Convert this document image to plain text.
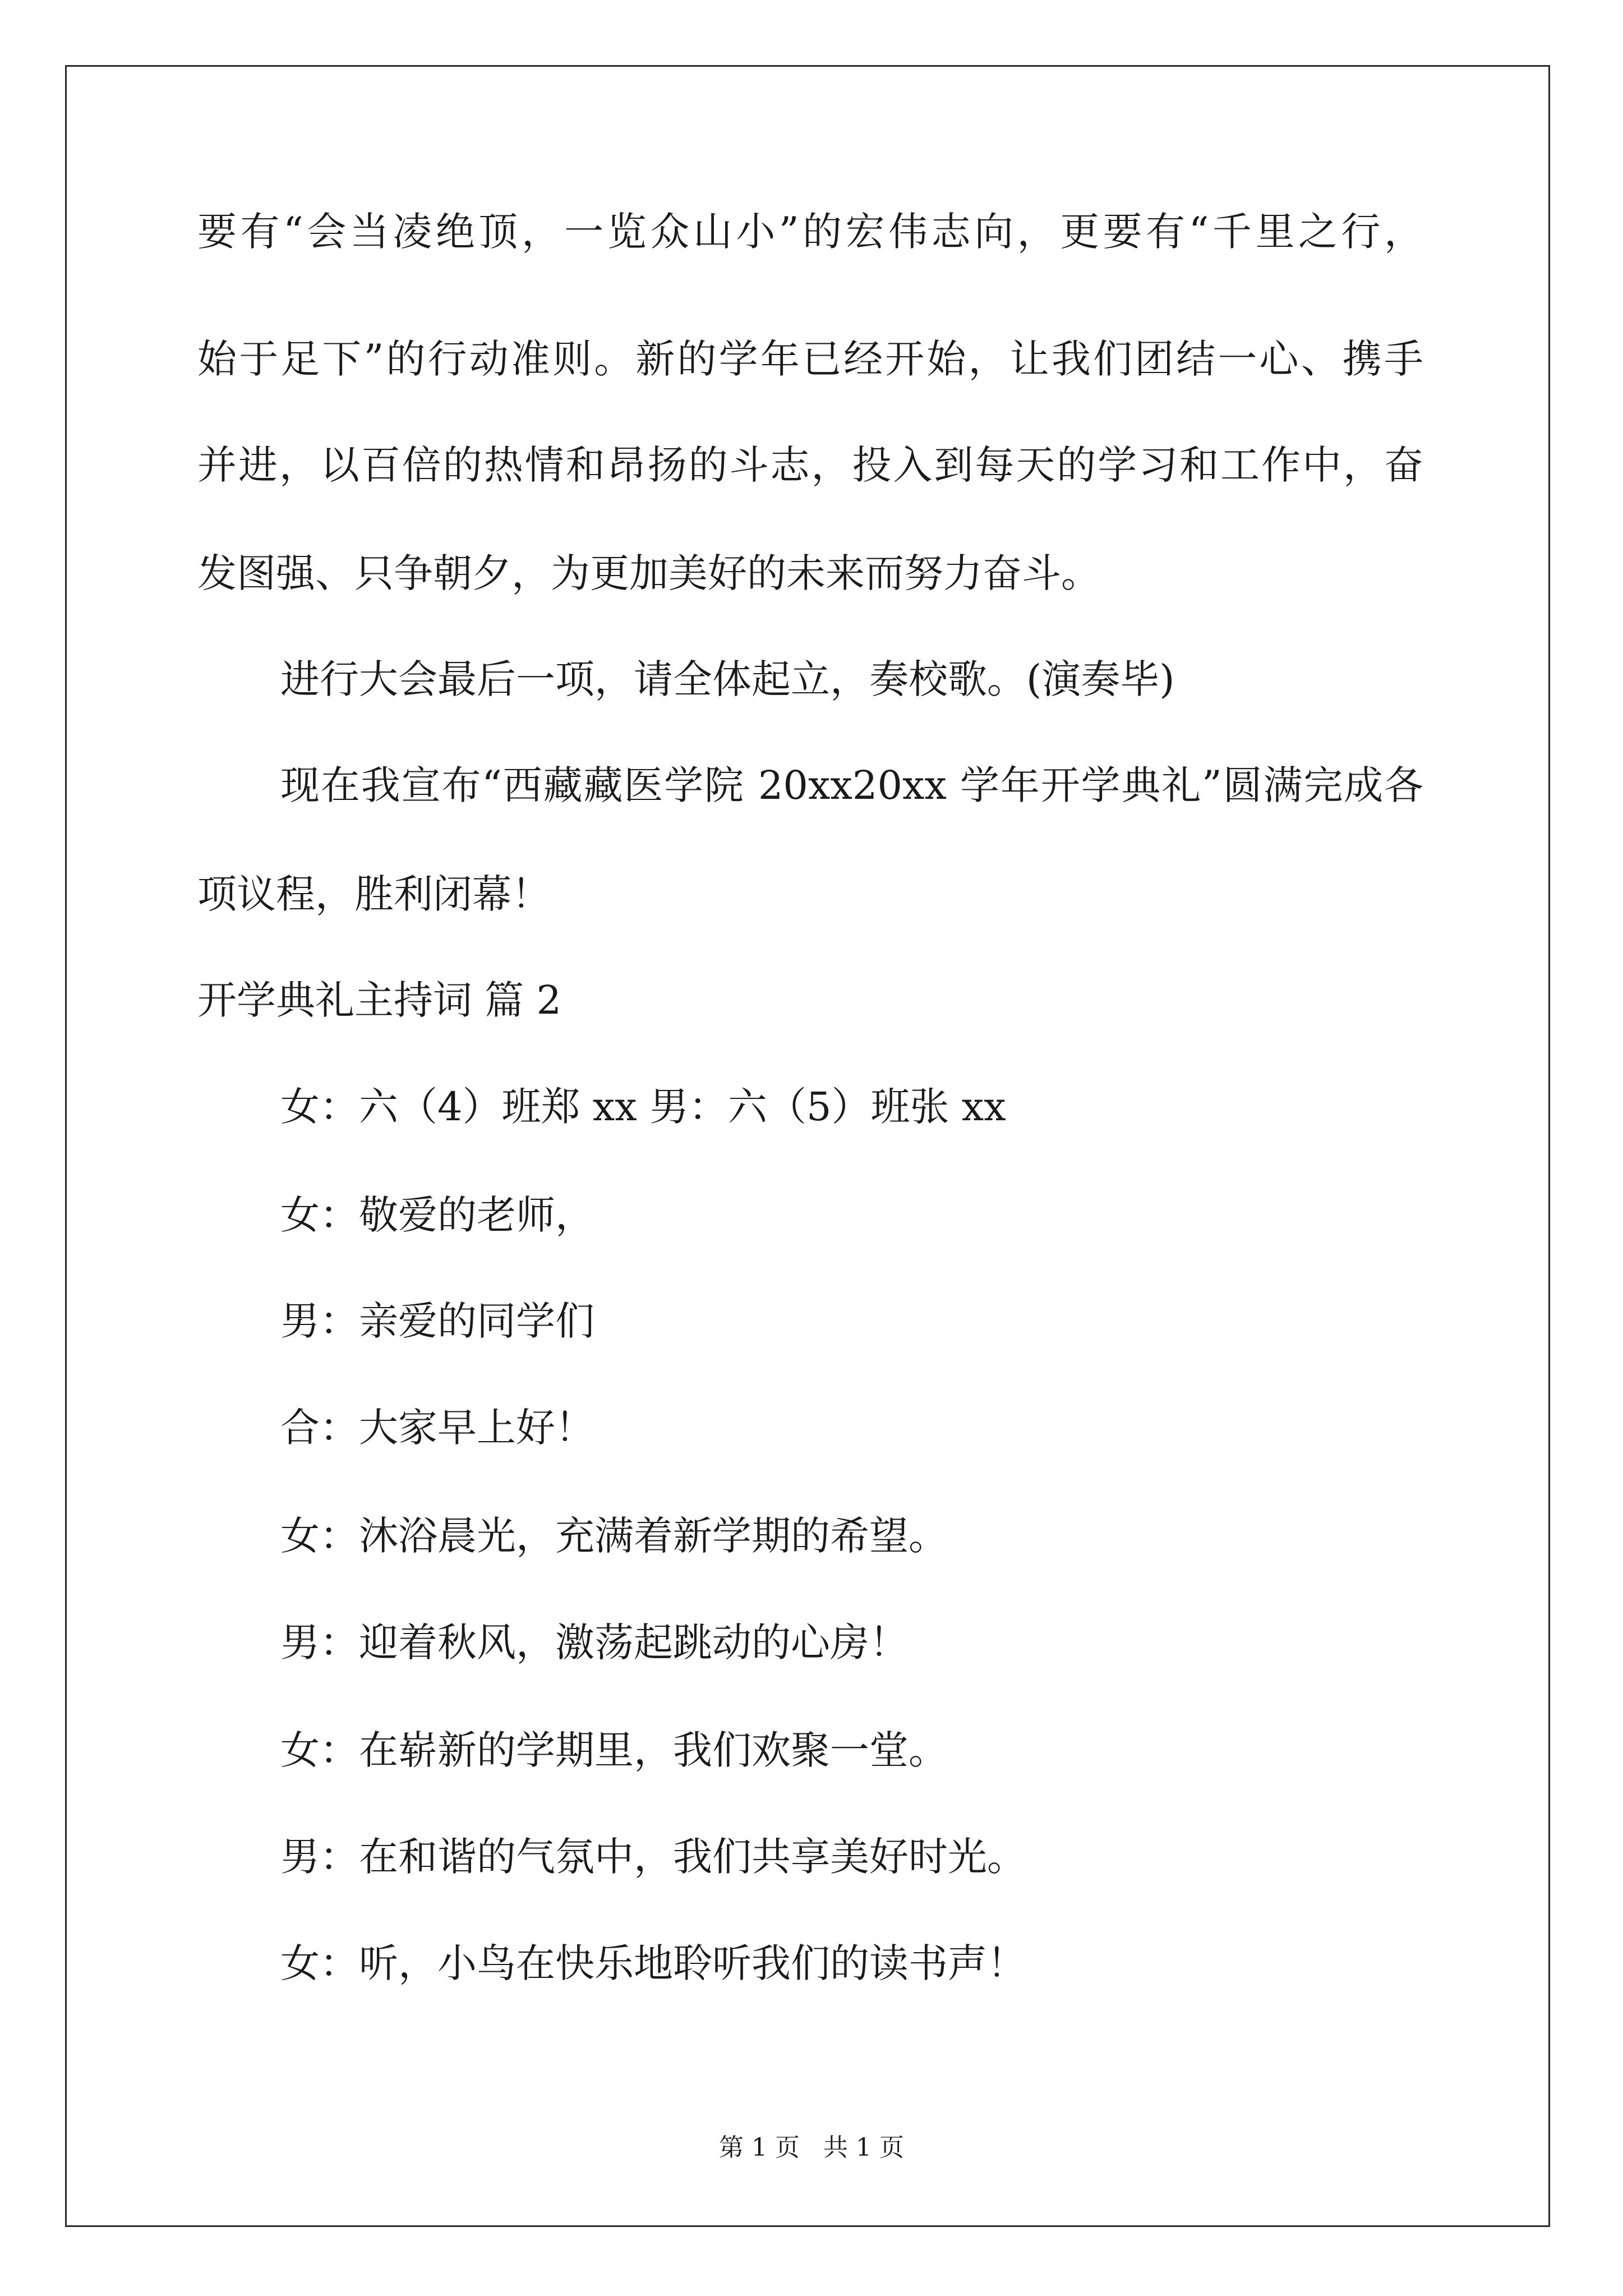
要有“会当凌绝顶，一览众山小”的宏伟志向，更要有“千里之行，
始于足下”的行动准则。新的学年已经开始，让我们团结一心、携手
并进，以百倍的热情和昂扬的斗志，投入到每天的学习和工作中，奋
发图强、只争朝夕，为更加美好的未来而努力奋斗。
进行大会最后一项，请全体起立，奏校歌。(演奏毕)
现在我宣布“西藏藏医学院 20xx20xx 学年开学典礼”圆满完成各
项议程，胜利闭幕！
开学典礼主持词 篇 2
女：六（4）班郑 xx 男：六（5）班张 xx
女：敬爱的老师，
男：亲爱的同学们
合：大家早上好！
女：沐浴晨光，充满着新学期的希望。
男：迎着秋风，激荡起跳动的心房！
女：在崭新的学期里，我们欢聚一堂。
男：在和谐的气氛中，我们共享美好时光。
女：听，小鸟在快乐地聆听我们的读书声！
第 1 页   共 1 页
